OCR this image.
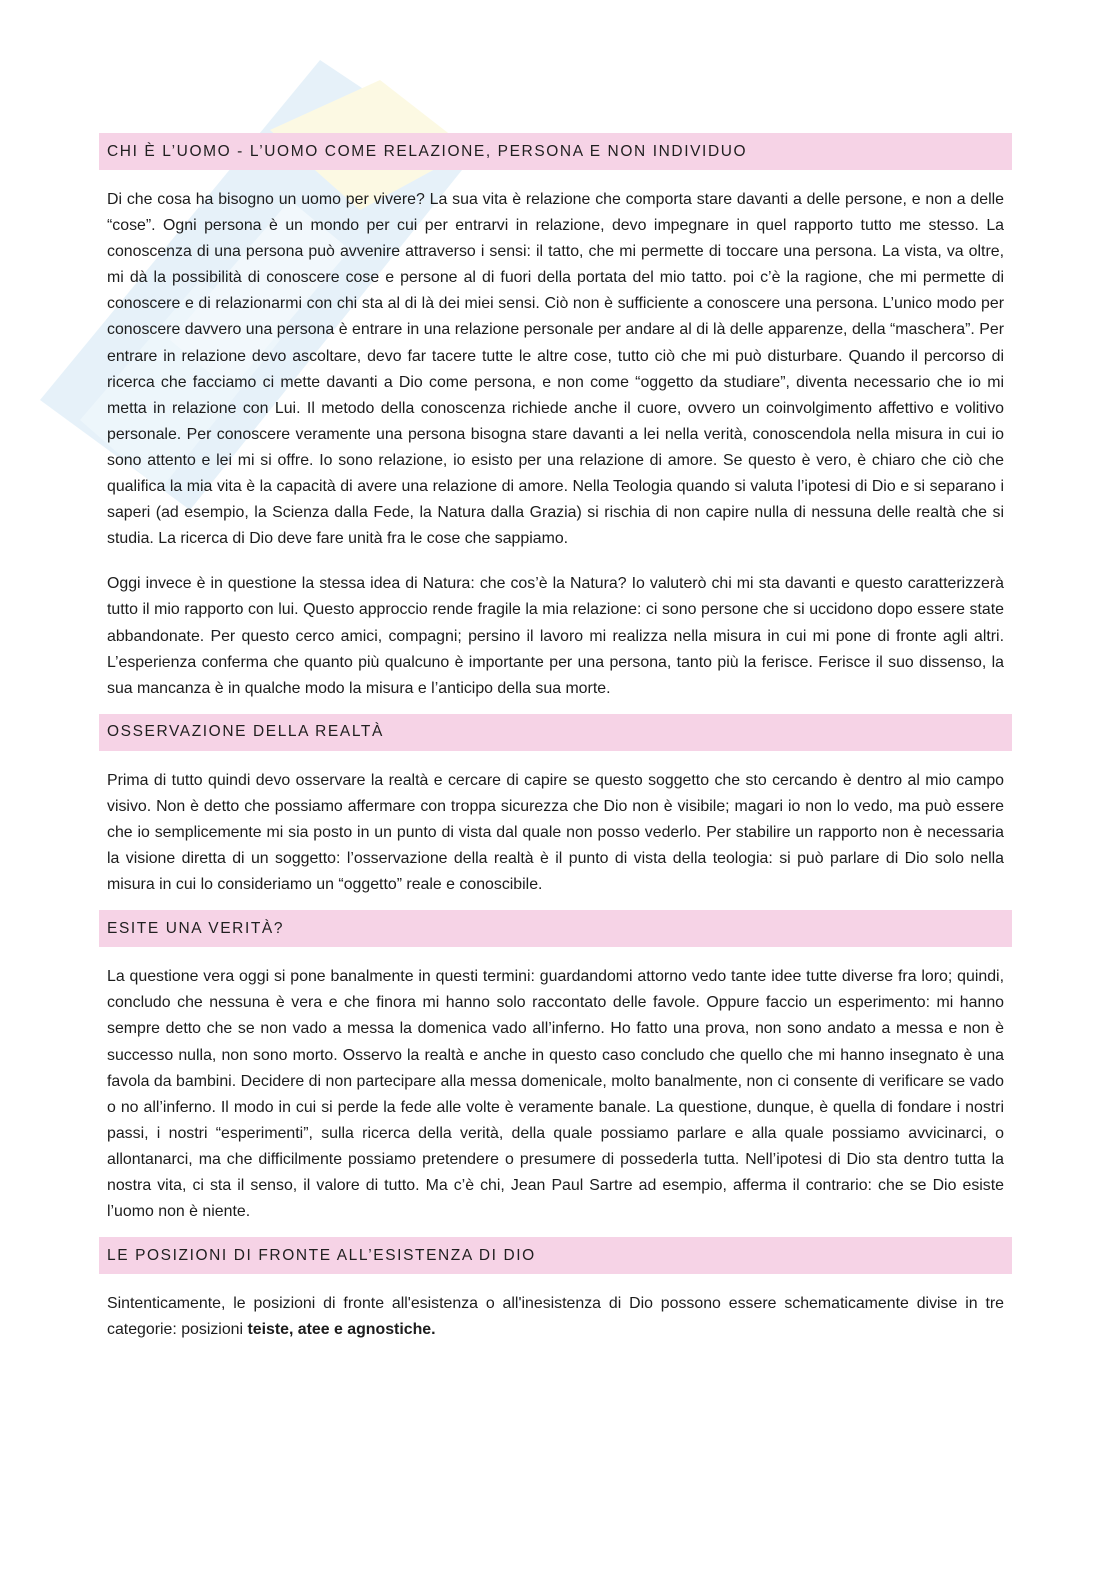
CHI È L’UOMO - L’UOMO COME RELAZIONE, PERSONA E NON INDIVIDUO

Di che cosa ha bisogno un uomo per vivere? La sua vita è relazione che comporta stare davanti a delle persone, e non a delle “cose”. Ogni persona è un mondo per cui per entrarvi in relazione, devo impegnare in quel rapporto tutto me stesso. La conoscenza di una persona può avvenire attraverso i sensi: il tatto, che mi permette di toccare una persona. La vista, va oltre, mi dà la possibilità di conoscere cose e persone al di fuori della portata del mio tatto. poi c’è la ragione, che mi permette di conoscere e di relazionarmi con chi sta al di là dei miei sensi. Ciò non è sufficiente a conoscere una persona. L’unico modo per conoscere davvero una persona è entrare in una relazione personale per andare al di là delle apparenze, della “maschera”. Per entrare in relazione devo ascoltare, devo far tacere tutte le altre cose, tutto ciò che mi può disturbare. Quando il percorso di ricerca che facciamo ci mette davanti a Dio come persona, e non come “oggetto da studiare”, diventa necessario che io mi metta in relazione con Lui. Il metodo della conoscenza richiede anche il cuore, ovvero un coinvolgimento affettivo e volitivo personale. Per conoscere veramente una persona bisogna stare davanti a lei nella verità, conoscendola nella misura in cui io sono attento e lei mi si offre. Io sono relazione, io esisto per una relazione di amore. Se questo è vero, è chiaro che ciò che qualifica la mia vita è la capacità di avere una relazione di amore. Nella Teologia quando si valuta l’ipotesi di Dio e si separano i saperi (ad esempio, la Scienza dalla Fede, la Natura dalla Grazia) si rischia di non capire nulla di nessuna delle realtà che si studia. La ricerca di Dio deve fare unità fra le cose che sappiamo.

Oggi invece è in questione la stessa idea di Natura: che cos’è la Natura? Io valuterò chi mi sta davanti e questo caratterizzerà tutto il mio rapporto con lui. Questo approccio rende fragile la mia relazione: ci sono persone che si uccidono dopo essere state abbandonate. Per questo cerco amici, compagni; persino il lavoro mi realizza nella misura in cui mi pone di fronte agli altri. L’esperienza conferma che quanto più qualcuno è importante per una persona, tanto più la ferisce. Ferisce il suo dissenso, la sua mancanza è in qualche modo la misura e l’anticipo della sua morte.

OSSERVAZIONE DELLA REALTÀ

Prima di tutto quindi devo osservare la realtà e cercare di capire se questo soggetto che sto cercando è dentro al mio campo visivo. Non è detto che possiamo affermare con troppa sicurezza che Dio non è visibile; magari io non lo vedo, ma può essere che io semplicemente mi sia posto in un punto di vista dal quale non posso vederlo. Per stabilire un rapporto non è necessaria la visione diretta di un soggetto: l’osservazione della realtà è il punto di vista della teologia: si può parlare di Dio solo nella misura in cui lo consideriamo un “oggetto” reale e conoscibile.

ESITE UNA VERITÀ?

La questione vera oggi si pone banalmente in questi termini: guardandomi attorno vedo tante idee tutte diverse fra loro; quindi, concludo che nessuna è vera e che finora mi hanno solo raccontato delle favole. Oppure faccio un esperimento: mi hanno sempre detto che se non vado a messa la domenica vado all’inferno. Ho fatto una prova, non sono andato a messa e non è successo nulla, non sono morto. Osservo la realtà e anche in questo caso concludo che quello che mi hanno insegnato è una favola da bambini. Decidere di non partecipare alla messa domenicale, molto banalmente, non ci consente di verificare se vado o no all’inferno. Il modo in cui si perde la fede alle volte è veramente banale. La questione, dunque, è quella di fondare i nostri passi, i nostri “esperimenti”, sulla ricerca della verità, della quale possiamo parlare e alla quale possiamo avvicinarci, o allontanarci, ma che difficilmente possiamo pretendere o presumere di possederla tutta. Nell’ipotesi di Dio sta dentro tutta la nostra vita, ci sta il senso, il valore di tutto. Ma c’è chi, Jean Paul Sartre ad esempio, afferma il contrario: che se Dio esiste l’uomo non è niente.

LE POSIZIONI DI FRONTE ALL’ESISTENZA DI DIO

Sintenticamente, le posizioni di fronte all'esistenza o all'inesistenza di Dio possono essere schematicamente divise in tre categorie: posizioni teiste, atee e agnostiche.
